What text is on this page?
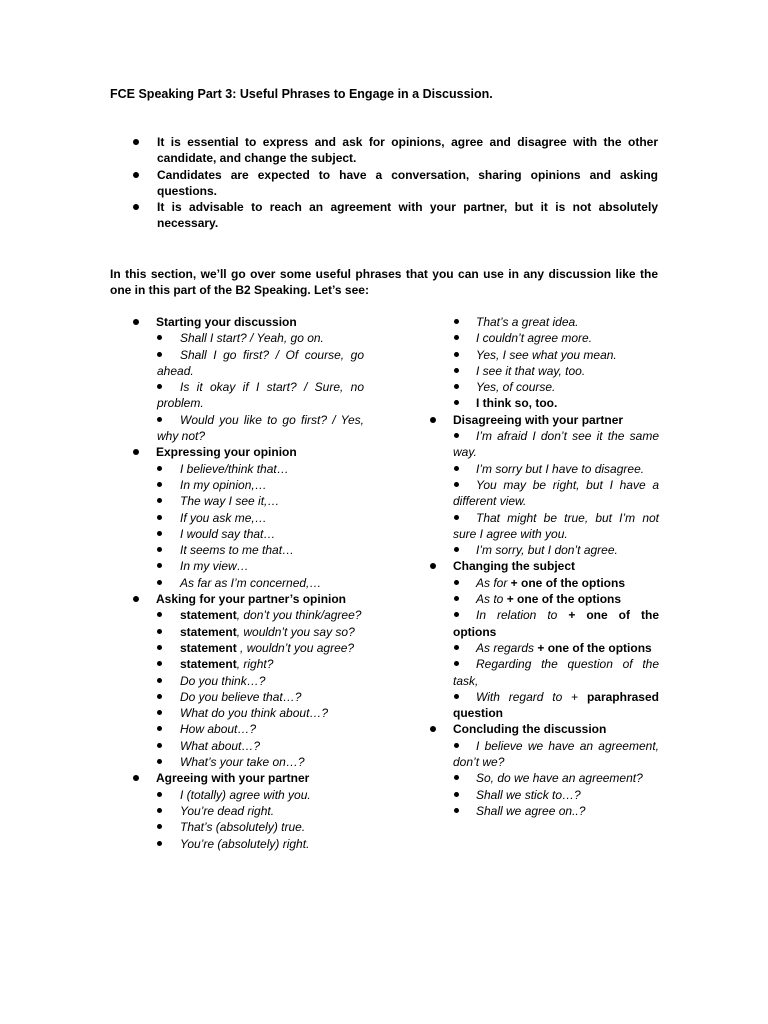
FCE Speaking Part 3: Useful Phrases to Engage in a Discussion.
It is essential to express and ask for opinions, agree and disagree with the other candidate, and change the subject.
Candidates are expected to have a conversation, sharing opinions and asking questions.
It is advisable to reach an agreement with your partner, but it is not absolutely necessary.
In this section, we’ll go over some useful phrases that you can use in any discussion like the one in this part of the B2 Speaking. Let’s see:
Starting your discussion
Shall I start? / Yeah, go on.
Shall I go first? / Of course, go ahead.
Is it okay if I start? / Sure, no problem.
Would you like to go first? / Yes, why not?
Expressing your opinion
I believe/think that…
In my opinion,…
The way I see it,…
If you ask me,…
I would say that…
It seems to me that…
In my view…
As far as I’m concerned,…
Asking for your partner’s opinion
statement, don’t you think/agree?
statement, wouldn’t you say so?
statement , wouldn’t you agree?
statement, right?
Do you think…?
Do you believe that…?
What do you think about…?
How about…?
What about…?
What’s your take on…?
Agreeing with your partner
I (totally) agree with you.
You’re dead right.
That’s (absolutely) true.
You’re (absolutely) right.
That’s a great idea.
I couldn’t agree more.
Yes, I see what you mean.
I see it that way, too.
Yes, of course.
I think so, too.
Disagreeing with your partner
I’m afraid I don’t see it the same way.
I’m sorry but I have to disagree.
You may be right, but I have a different view.
That might be true, but I’m not sure I agree with you.
I’m sorry, but I don’t agree.
Changing the subject
As for + one of the options
As to + one of the options
In relation to + one of the options
As regards + one of the options
Regarding the question of the task,
With regard to + paraphrased question
Concluding the discussion
I believe we have an agreement, don’t we?
So, do we have an agreement?
Shall we stick to…?
Shall we agree on..?
